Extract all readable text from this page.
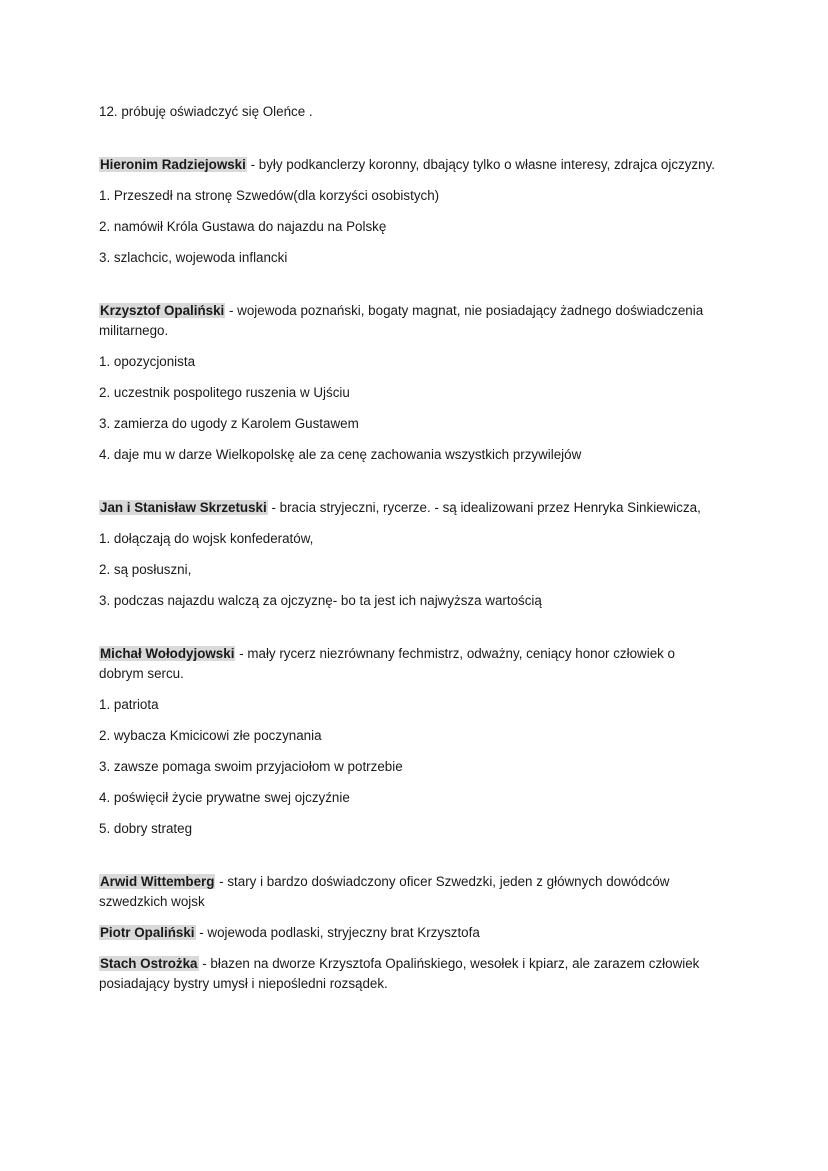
12. próbuję oświadczyć się Oleńce .
Hieronim Radziejowski - były podkanclerzy koronny, dbający tylko o własne interesy, zdrajca ojczyzny.
1. Przeszedł na stronę Szwedów(dla korzyści osobistych)
2. namówił Króla Gustawa do najazdu na Polskę
3. szlachcic, wojewoda inflancki
Krzysztof Opaliński - wojewoda poznański, bogaty magnat, nie posiadający żadnego doświadczenia militarnego.
1. opozycjonista
2. uczestnik pospolitego ruszenia w Ujściu
3. zamierza do ugody z Karolem Gustawem
4. daje mu w darze Wielkopolskę ale za cenę zachowania wszystkich przywilejów
Jan i Stanisław Skrzetuski - bracia stryjeczni, rycerze. - są idealizowani przez Henryka Sinkiewicza,
1. dołączają do wojsk konfederatów,
2. są posłuszni,
3. podczas najazdu walczą za ojczyznę- bo ta jest ich najwyższa wartością
Michał Wołodyjowski - mały rycerz niezrównany fechmistrz, odważny, ceniący honor człowiek o dobrym sercu.
1. patriota
2. wybacza Kmicicowi złe poczynania
3. zawsze pomaga swoim przyjaciołom w potrzebie
4. poświęcił życie prywatne swej ojczyźnie
5. dobry strateg
Arwid Wittemberg - stary i bardzo doświadczony oficer Szwedzki, jeden z głównych dowódców szwedzkich wojsk
Piotr Opaliński - wojewoda podlaski, stryjeczny brat Krzysztofa
Stach Ostrożka - błazen na dworze Krzysztofa Opalińskiego, wesołek i kpiarz, ale zarazem człowiek posiadający bystry umysł i niepośledni rozsądek.
